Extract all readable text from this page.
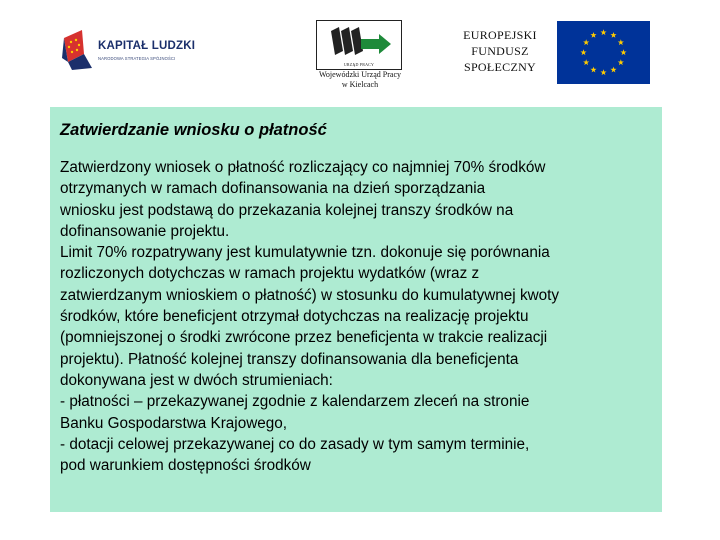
KAPITAŁ LUDZKI
NARODOWA STRATEGIA SPÓJNOŚCI
URZĄD PRACY
Wojewódzki Urząd Pracy
w Kielcach
EUROPEJSKI
FUNDUSZ
SPOŁECZNY
Zatwierdzanie wniosku o płatność
Zatwierdzony wniosek o płatność rozliczający co najmniej 70% środków
otrzymanych w ramach dofinansowania na dzień sporządzania
wniosku jest podstawą do przekazania kolejnej transzy środków na
dofinansowanie projektu.
Limit 70% rozpatrywany jest kumulatywnie tzn. dokonuje się porównania
rozliczonych dotychczas w ramach projektu wydatków (wraz z
zatwierdzanym wnioskiem o płatność) w stosunku do kumulatywnej kwoty
środków, które beneficjent otrzymał dotychczas na realizację projektu
(pomniejszonej o środki zwrócone przez beneficjenta w trakcie realizacji
projektu). Płatność kolejnej transzy dofinansowania dla beneficjenta
dokonywana jest w dwóch strumieniach:
- płatności – przekazywanej zgodnie z kalendarzem zleceń na stronie
Banku Gospodarstwa Krajowego,
- dotacji celowej przekazywanej co do zasady w tym samym terminie,
pod warunkiem dostępności środków
